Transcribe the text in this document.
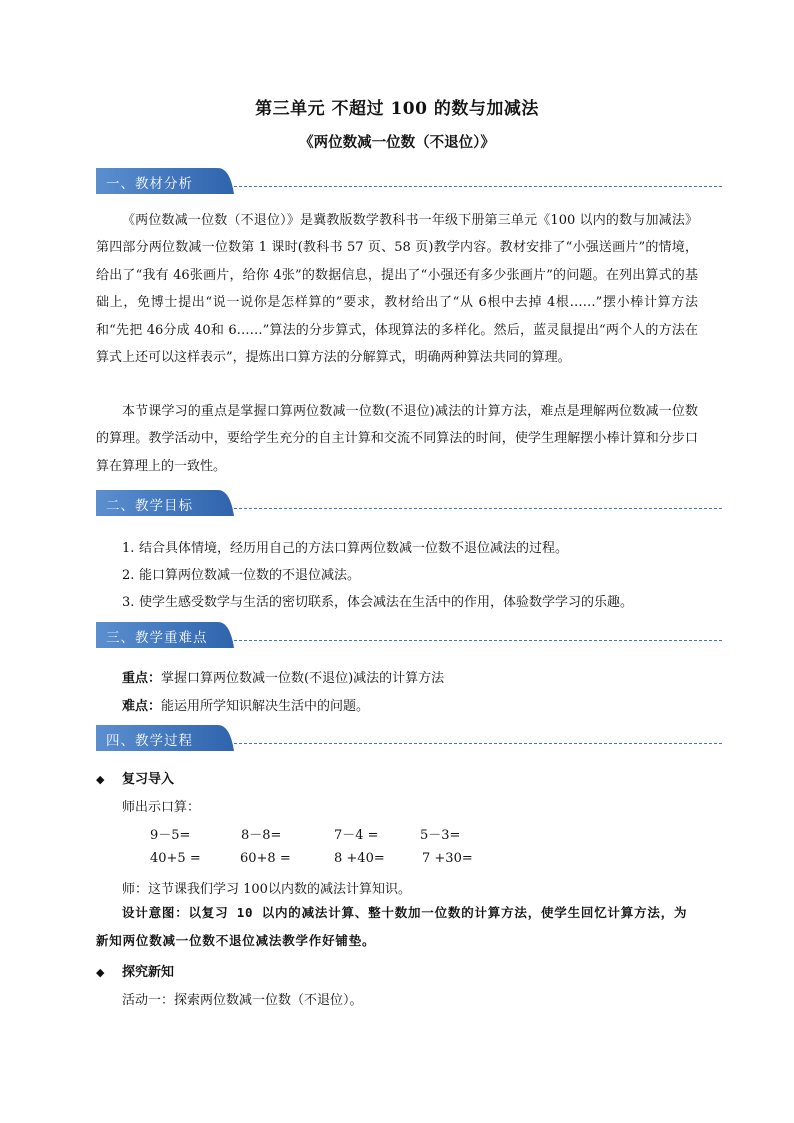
第三单元 不超过 100 的数与加减法
《两位数减一位数（不退位）》
一、教材分析
《两位数减一位数（不退位）》是冀教版数学教科书一年级下册第三单元《100 以内的数与加减法》第四部分两位数减一位数第 1 课时(教科书 57 页、58 页)教学内容。教材安排了“小强送画片”的情境，给出了“我有 46张画片，给你 4张”的数据信息，提出了“小强还有多少张画片”的问题。在列出算式的基础上，免博士提出“说一说你是怎样算的”要求，教材给出了“从 6根中去掉 4根……”摆小棒计算方法和“先把 46分成 40和 6……”算法的分步算式，体现算法的多样化。然后，蓝灵鼠提出“两个人的方法在算式上还可以这样表示”，提炼出口算方法的分解算式，明确两种算法共同的算理。
本节课学习的重点是掌握口算两位数减一位数(不退位)减法的计算方法，难点是理解两位数减一位数的算理。教学活动中，要给学生充分的自主计算和交流不同算法的时间，使学生理解摆小棒计算和分步口算在算理上的一致性。
二、教学目标
1. 结合具体情境，经历用自己的方法口算两位数减一位数不退位减法的过程。
2. 能口算两位数减一位数的不退位减法。
3. 使学生感受数学与生活的密切联系，体会减法在生活中的作用，体验数学学习的乐趣。
三、教学重难点
重点：掌握口算两位数减一位数(不退位)减法的计算方法
难点：能运用所学知识解决生活中的问题。
四、教学过程
◆ 复习导入
师出示口算：
9－5=	8－8=	7－4 =	5－3=
40+5 =	60+8 =	8 +40=	7 +30=
师：这节课我们学习 100以内数的减法计算知识。
设计意图：以复习 10 以内的减法计算、整十数加一位数的计算方法，使学生回忆计算方法，为新知两位数减一位数不退位减法教学作好铺垫。
◆ 探究新知
活动一：探索两位数减一位数（不退位）。
